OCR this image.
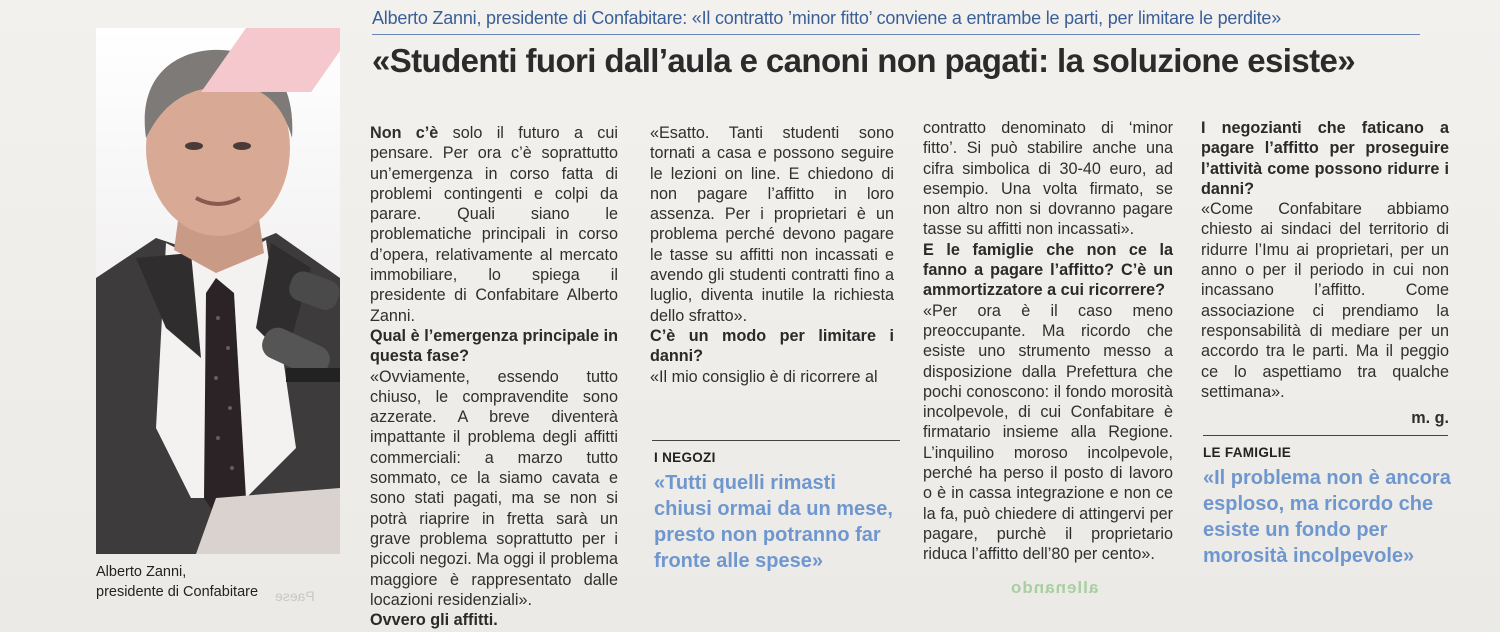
Alberto Zanni, presidente di Confabitare: «Il contratto ’minor fitto’ conviene a entrambe le parti, per limitare le perdite»
«Studenti fuori dall’aula e canoni non pagati: la soluzione esiste»
Alberto Zanni,
presidente di Confabitare

Non c’è solo il futuro a cui pensare. Per ora c’è soprattutto un’emergenza in corso fatta di problemi contingenti e colpi da parare. Quali siano le problematiche principali in corso d’opera, relativamente al mercato immobiliare, lo spiega il presidente di Confabitare Alberto Zanni.

Qual è l’emergenza principale in questa fase?

«Ovviamente, essendo tutto chiuso, le compravendite sono azzerate. A breve diventerà impattante il problema degli affitti commerciali: a marzo tutto sommato, ce la siamo cavata e sono stati pagati, ma se non si potrà riaprire in fretta sarà un grave problema soprattutto per i piccoli negozi. Ma oggi il problema maggiore è rappresentato dalle locazioni residenziali».

Ovvero gli affitti.

«Esatto. Tanti studenti sono tornati a casa e possono seguire le lezioni on line. E chiedono di non pagare l’affitto in loro assenza. Per i proprietari è un problema perché devono pagare le tasse su affitti non incassati e avendo gli studenti contratti fino a luglio, diventa inutile la richiesta dello sfratto».

C’è un modo per limitare i danni?

«Il mio consiglio è di ricorrere al

I NEGOZI
«Tutti quelli rimasti chiusi ormai da un mese, presto non potranno far fronte alle spese»

contratto denominato di ‘minor fitto’. Si può stabilire anche una cifra simbolica di 30-40 euro, ad esempio. Una volta firmato, se non altro non si dovranno pagare tasse su affitti non incassati».

E le famiglie che non ce la fanno a pagare l’affitto? C’è un ammortizzatore a cui ricorrere?

«Per ora è il caso meno preoccupante. Ma ricordo che esiste uno strumento messo a disposizione dalla Prefettura che pochi conoscono: il fondo morosità incolpevole, di cui Confabitare è firmatario insieme alla Regione. L’inquilino moroso incolpevole, perché ha perso il posto di lavoro o è in cassa integrazione e non ce la fa, può chiedere di attingervi per pagare, purchè il proprietario riduca l’affitto dell’80 per cento».

I negozianti che faticano a pagare l’affitto per proseguire l’attività come possono ridurre i danni?

«Come Confabitare abbiamo chiesto ai sindaci del territorio di ridurre l’Imu ai proprietari, per un anno o per il periodo in cui non incassano l’affitto. Come associazione ci prendiamo la responsabilità di mediare per un accordo tra le parti. Ma il peggio ce lo aspettiamo tra qualche settimana».

m. g.

LE FAMIGLIE
«Il problema non è ancora esploso, ma ricordo che esiste un fondo per morosità incolpevole»
allenando
Paese
